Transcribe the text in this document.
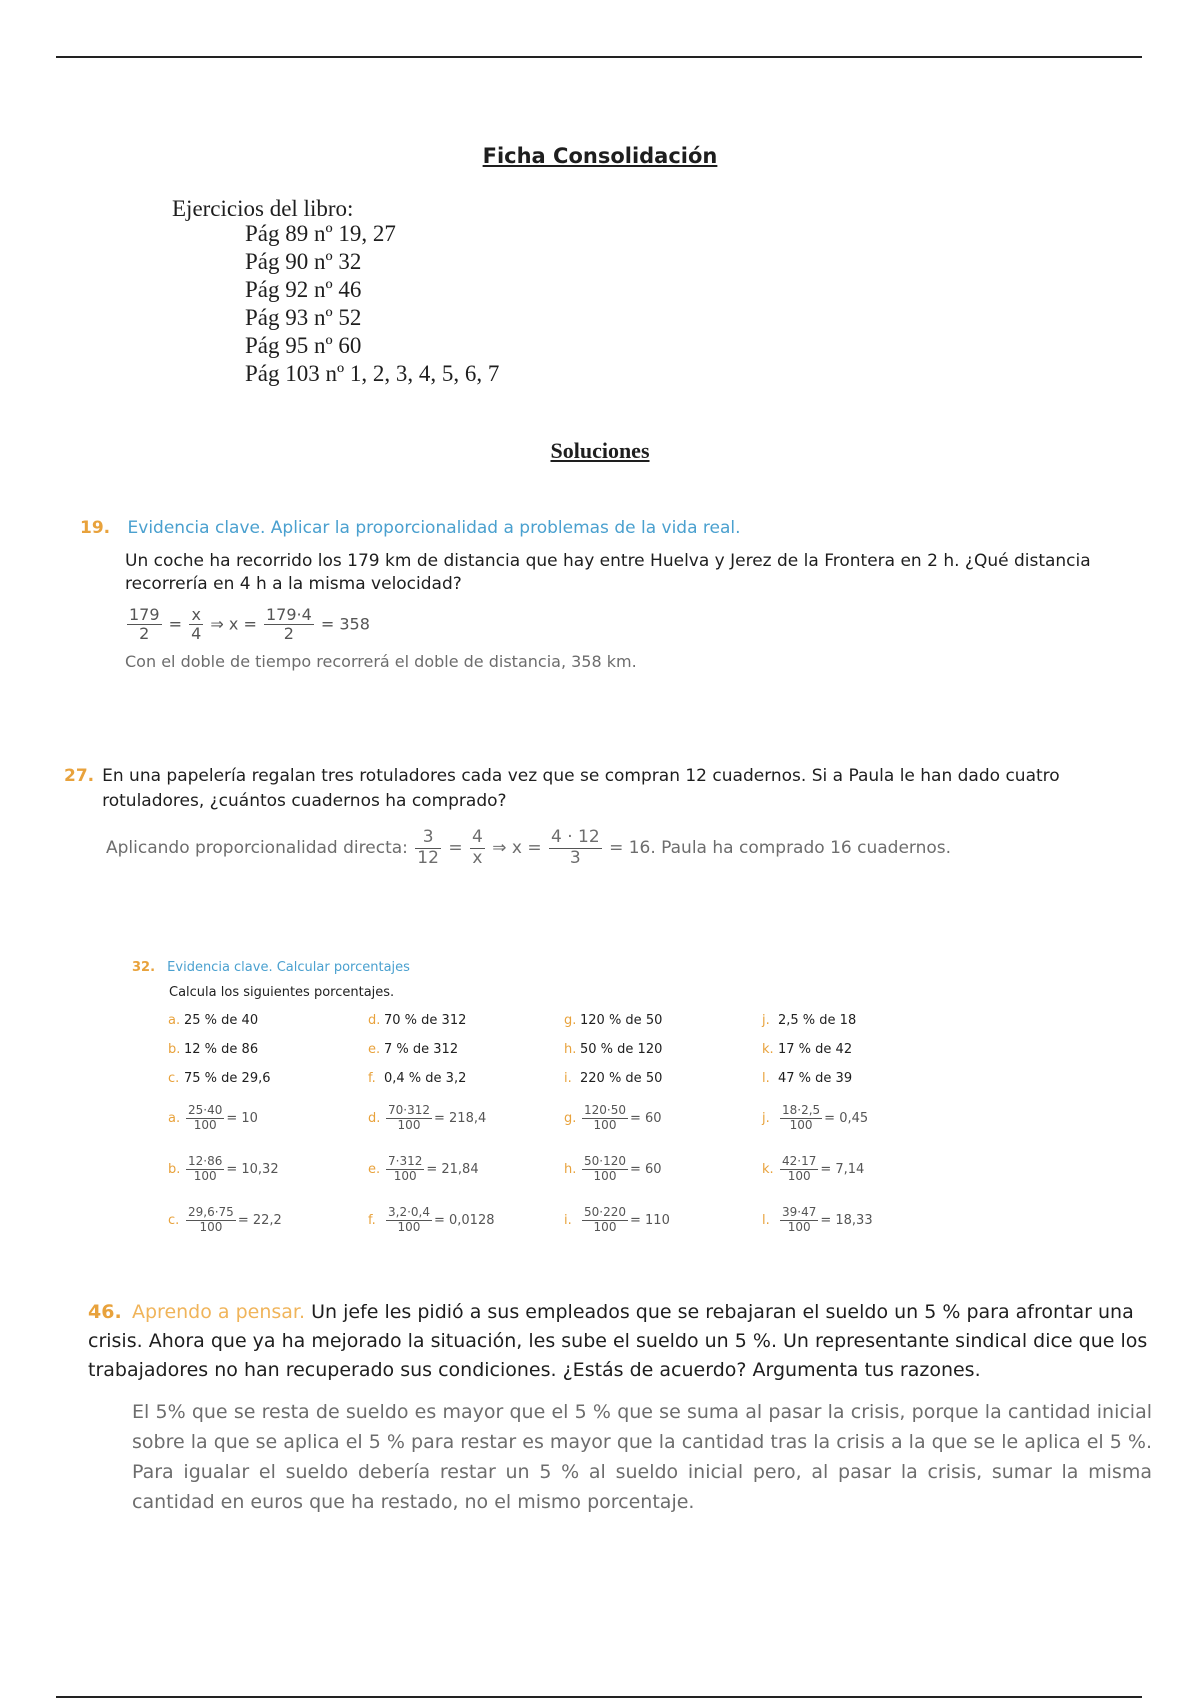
Ficha Consolidación
Ejercicios del libro:
Pág 89 nº 19, 27
Pág 90 nº 32
Pág 92 nº 46
Pág 93 nº 52
Pág 95 nº 60
Pág 103 nº 1, 2, 3, 4, 5, 6, 7
Soluciones
19. Evidencia clave. Aplicar la proporcionalidad a problemas de la vida real.
Un coche ha recorrido los 179 km de distancia que hay entre Huelva y Jerez de la Frontera en 2 h. ¿Qué distancia recorrería en 4 h a la misma velocidad?
$\frac{179}{2} = \frac{x}{4}$ ⇒ $x = \frac{179\cdot 4}{2} = 358$
Con el doble de tiempo recorrerá el doble de distancia, 358 km.
27. En una papelería regalan tres rotuladores cada vez que se compran 12 cuadernos. Si a Paula le han dado cuatro rotuladores, ¿cuántos cuadernos ha comprado?
Aplicando proporcionalidad directa: $\frac{3}{12} = \frac{4}{x}$ ⇒ $x = \frac{4 \cdot 12}{3} = 16$. Paula ha comprado 16 cuadernos.
32. Evidencia clave. Calcular porcentajes
Calcula los siguientes porcentajes.
a. 25 % de 40	d. 70 % de 312	g. 120 % de 50	j. 2,5 % de 18
b. 12 % de 86	e. 7 % de 312	h. 50 % de 120	k. 17 % de 42
c. 75 % de 29,6	f. 0,4 % de 3,2	i. 220 % de 50	l. 47 % de 39
a. $\frac{25\cdot 40}{100} = 10$	d. $\frac{70\cdot 312}{100} = 218,4$	g. $\frac{120\cdot 50}{100} = 60$	j. $\frac{18\cdot 2,5}{100} = 0,45$
b. $\frac{12\cdot 86}{100} = 10,32$	e. $\frac{7\cdot 312}{100} = 21,84$	h. $\frac{50\cdot 120}{100} = 60$	k. $\frac{42\cdot 17}{100} = 7,14$
c. $\frac{29,6\cdot 75}{100} = 22,2$	f. $\frac{3,2\cdot 0,4}{100} = 0,0128$	i. $\frac{50\cdot 220}{100} = 110$	l. $\frac{39\cdot 47}{100} = 18,33$
46. Aprendo a pensar. Un jefe les pidió a sus empleados que se rebajaran el sueldo un 5 % para afrontar una crisis. Ahora que ya ha mejorado la situación, les sube el sueldo un 5 %. Un representante sindical dice que los trabajadores no han recuperado sus condiciones. ¿Estás de acuerdo? Argumenta tus razones.
El 5% que se resta de sueldo es mayor que el 5 % que se suma al pasar la crisis, porque la cantidad inicial sobre la que se aplica el 5 % para restar es mayor que la cantidad tras la crisis a la que se le aplica el 5 %. Para igualar el sueldo debería restar un 5 % al sueldo inicial pero, al pasar la crisis, sumar la misma cantidad en euros que ha restado, no el mismo porcentaje.
